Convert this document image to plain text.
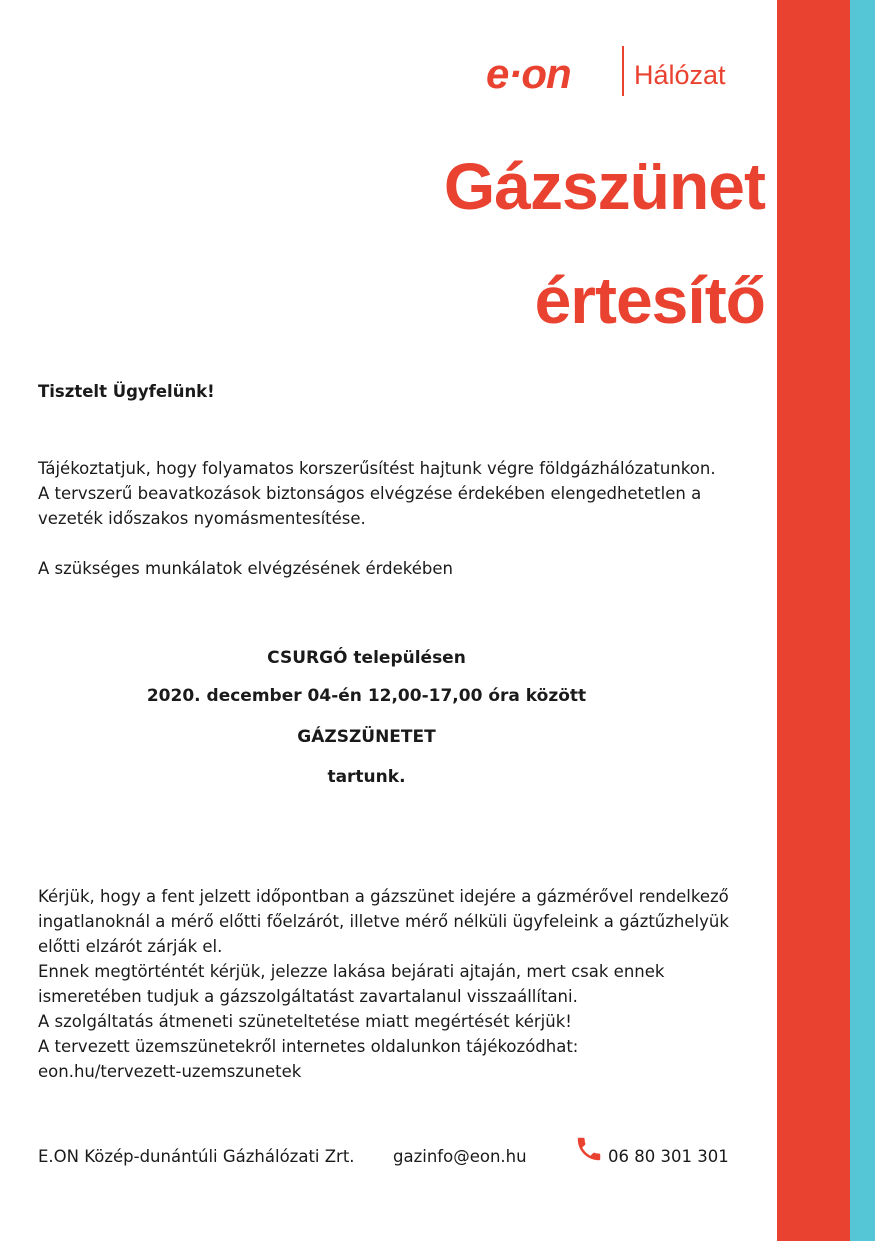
e·on Hálózat
Gázszünet
értesítő
Tisztelt Ügyfelünk!
Tájékoztatjuk, hogy folyamatos korszerűsítést hajtunk végre földgázhálózatunkon.
A tervszerű beavatkozások biztonságos elvégzése érdekében elengedhetetlen a
vezeték időszakos nyomásmentesítése.
A szükséges munkálatok elvégzésének érdekében
CSURGÓ településen
2020. december 04-én 12,00-17,00 óra között
GÁZSZÜNETET
tartunk.
Kérjük, hogy a fent jelzett időpontban a gázszünet idejére a gázmérővel rendelkező
ingatlanoknál a mérő előtti főelzárót, illetve mérő nélküli ügyfeleink a gáztűzhelyük
előtti elzárót zárják el.
Ennek megtörténtét kérjük, jelezze lakása bejárati ajtaján, mert csak ennek
ismeretében tudjuk a gázszolgáltatást zavartalanul visszaállítani.
A szolgáltatás átmeneti szüneteltetése miatt megértését kérjük!
A tervezett üzemszünetekről internetes oldalunkon tájékozódhat:
eon.hu/tervezett-uzemszunetek
E.ON Közép-dunántúli Gázhálózati Zrt. gazinfo@eon.hu	06 80 301 301
